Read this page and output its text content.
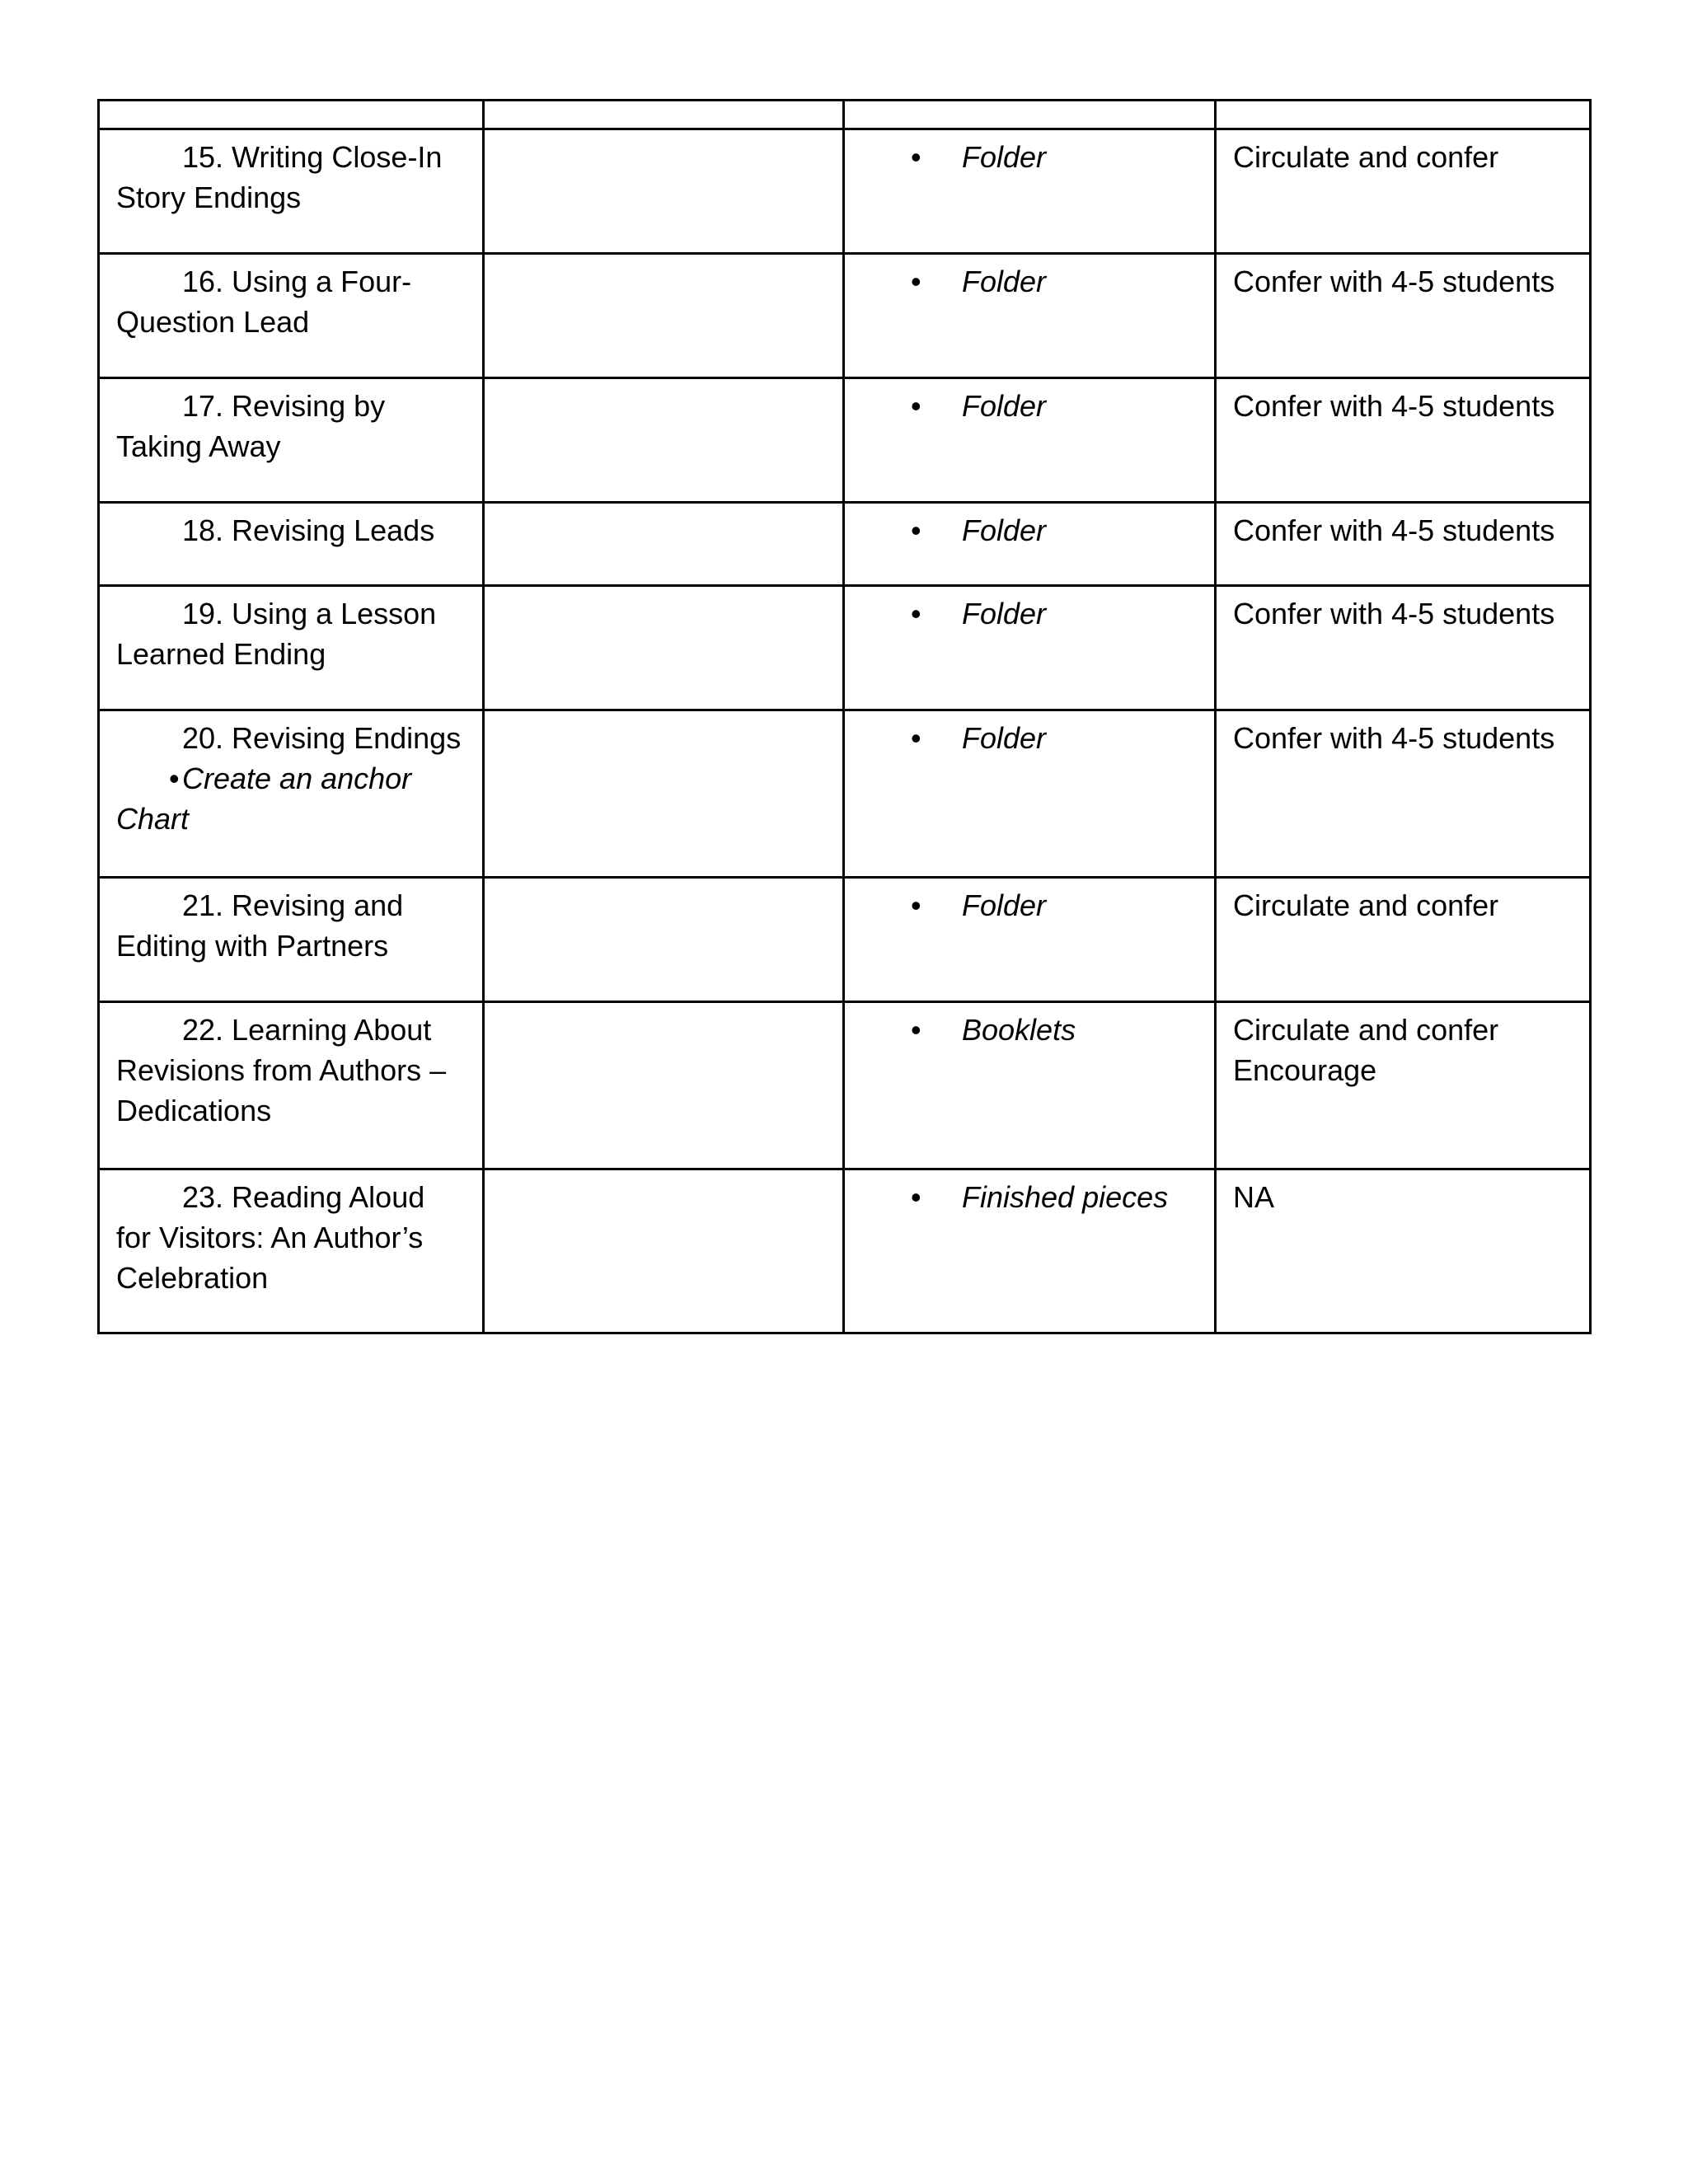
15. Writing Close-In Story Endings		• Folder	Circulate and confer

16. Using a Four-Question Lead		• Folder	Confer with 4-5 students

17. Revising by Taking Away		• Folder	Confer with 4-5 students

18. Revising Leads		• Folder	Confer with 4-5 students

19. Using a Lesson Learned Ending		• Folder	Confer with 4-5 students

20. Revising Endings
• Create an anchor Chart		• Folder	Confer with 4-5 students

21. Revising and Editing with Partners		• Folder	Circulate and confer

22. Learning About Revisions from Authors – Dedications		• Booklets	Circulate and confer
Encourage

23. Reading Aloud for Visitors: An Author’s Celebration		• Finished pieces	NA
